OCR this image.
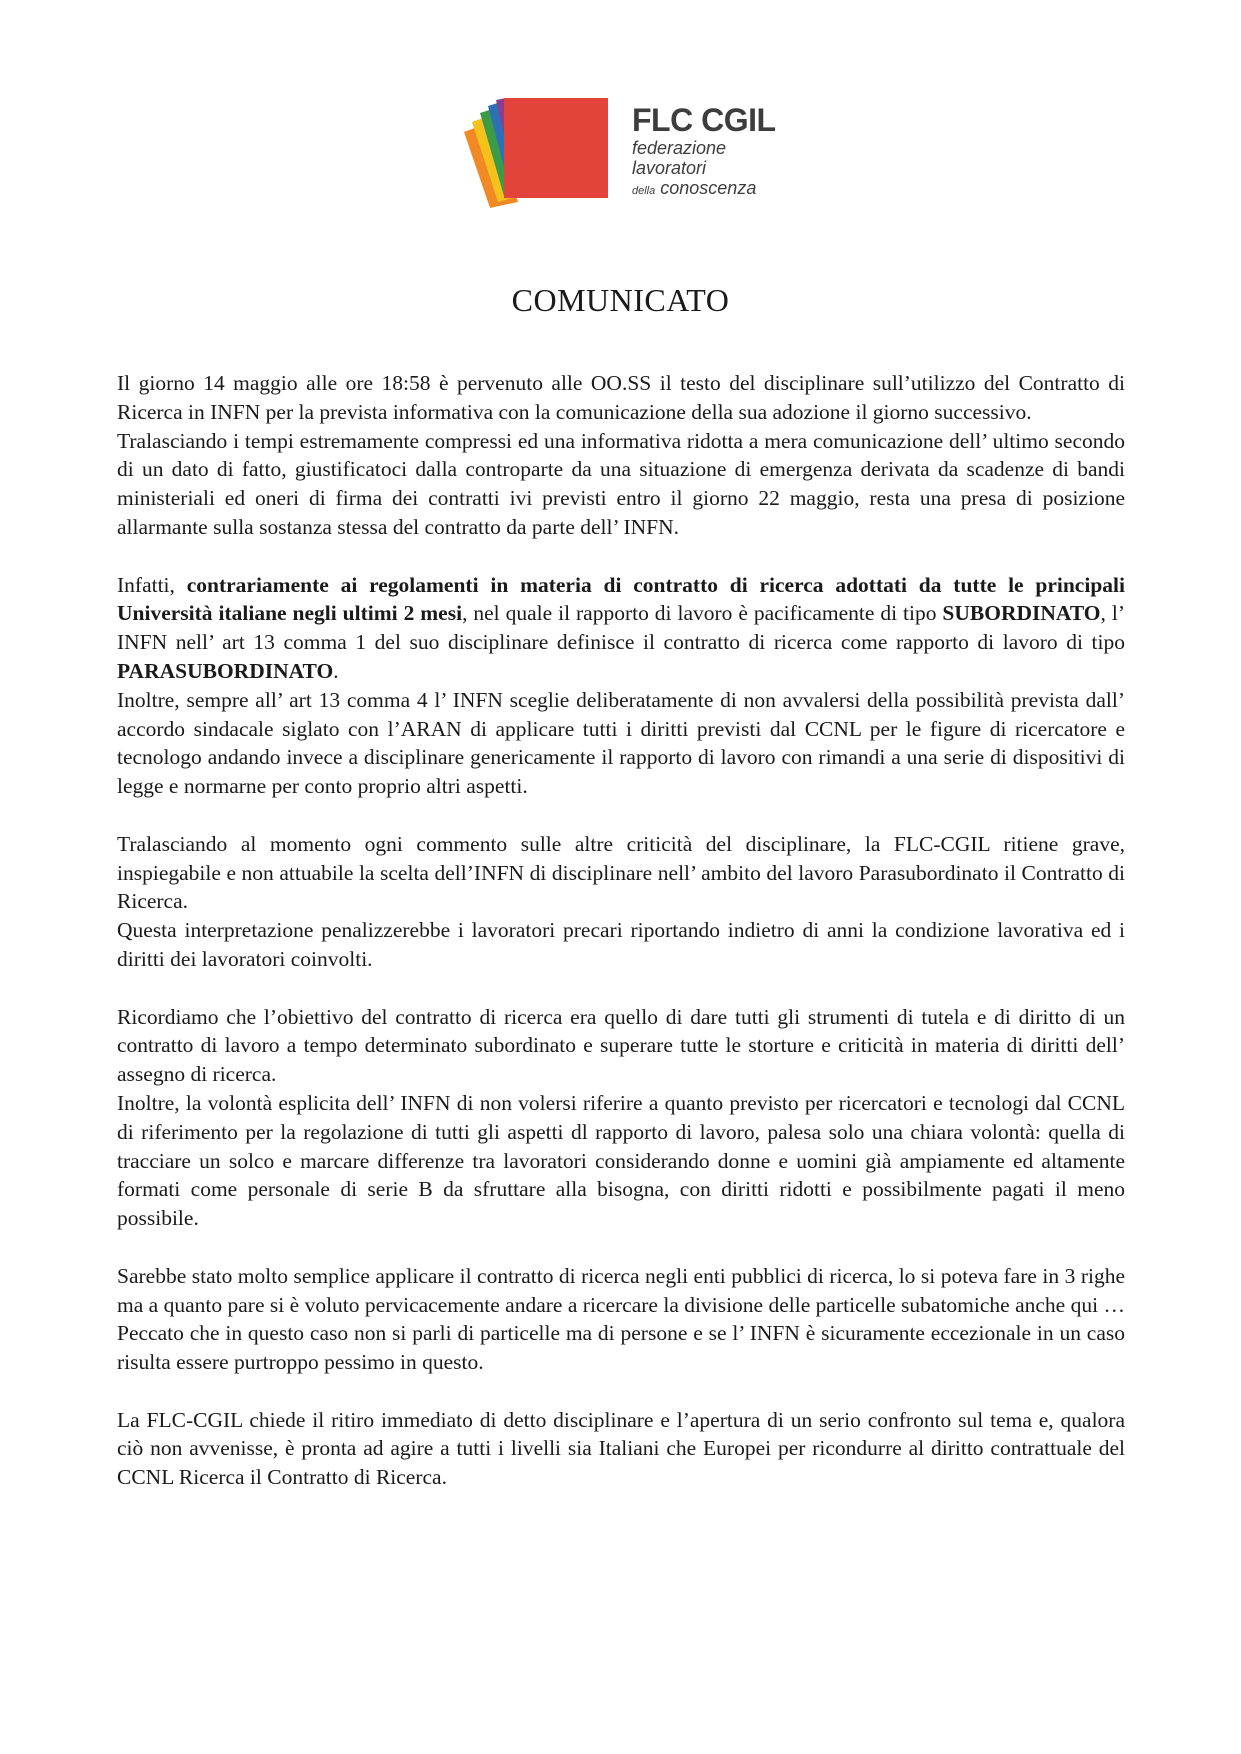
FLC CGIL
federazione
lavoratori
della conoscenza
COMUNICATO

Il giorno 14 maggio alle ore 18:58 è pervenuto alle OO.SS il testo del disciplinare sull’utilizzo del Contratto di Ricerca in INFN per la prevista informativa con la comunicazione della sua adozione il giorno successivo.

Tralasciando i tempi estremamente compressi ed una informativa ridotta a mera comunicazione dell’ ultimo secondo di un dato di fatto, giustificatoci dalla controparte da una situazione di emergenza derivata da scadenze di bandi ministeriali ed oneri di firma dei contratti ivi previsti entro il giorno 22 maggio, resta una presa di posizione allarmante sulla sostanza stessa del contratto da parte dell’ INFN.

Infatti, contrariamente ai regolamenti in materia di contratto di ricerca adottati da tutte le principali Università italiane negli ultimi 2 mesi, nel quale il rapporto di lavoro è pacificamente di tipo SUBORDINATO, l’ INFN nell’ art 13 comma 1 del suo disciplinare definisce il contratto di ricerca come rapporto di lavoro di tipo PARASUBORDINATO.

Inoltre, sempre all’ art 13 comma 4 l’ INFN sceglie deliberatamente di non avvalersi della possibilità prevista dall’ accordo sindacale siglato con l’ARAN di applicare tutti i diritti previsti dal CCNL per le figure di ricercatore e tecnologo andando invece a disciplinare genericamente il rapporto di lavoro con rimandi a una serie di dispositivi di legge e normarne per conto proprio altri aspetti.

Tralasciando al momento ogni commento sulle altre criticità del disciplinare, la FLC-CGIL ritiene grave, inspiegabile e non attuabile la scelta dell’INFN di disciplinare nell’ ambito del lavoro Parasubordinato il Contratto di Ricerca.

Questa interpretazione penalizzerebbe i lavoratori precari riportando indietro di anni la condizione lavorativa ed i diritti dei lavoratori coinvolti.

Ricordiamo che l’obiettivo del contratto di ricerca era quello di dare tutti gli strumenti di tutela e di diritto di un contratto di lavoro a tempo determinato subordinato e superare tutte le storture e criticità in materia di diritti dell’ assegno di ricerca.

Inoltre, la volontà esplicita dell’ INFN di non volersi riferire a quanto previsto per ricercatori e tecnologi dal CCNL di riferimento per la regolazione di tutti gli aspetti dl rapporto di lavoro, palesa solo una chiara volontà: quella di tracciare un solco e marcare differenze tra lavoratori considerando donne e uomini già ampiamente ed altamente formati come personale di serie B da sfruttare alla bisogna, con diritti ridotti e possibilmente pagati il meno possibile.

Sarebbe stato molto semplice applicare il contratto di ricerca negli enti pubblici di ricerca, lo si poteva fare in 3 righe ma a quanto pare si è voluto pervicacemente andare a ricercare la divisione delle particelle subatomiche anche qui … Peccato che in questo caso non si parli di particelle ma di persone e se l’ INFN è sicuramente eccezionale in un caso risulta essere purtroppo pessimo in questo.

La FLC-CGIL chiede il ritiro immediato di detto disciplinare e l’apertura di un serio confronto sul tema e, qualora ciò non avvenisse, è pronta ad agire a tutti i livelli sia Italiani che Europei per ricondurre al diritto contrattuale del CCNL Ricerca il Contratto di Ricerca.
